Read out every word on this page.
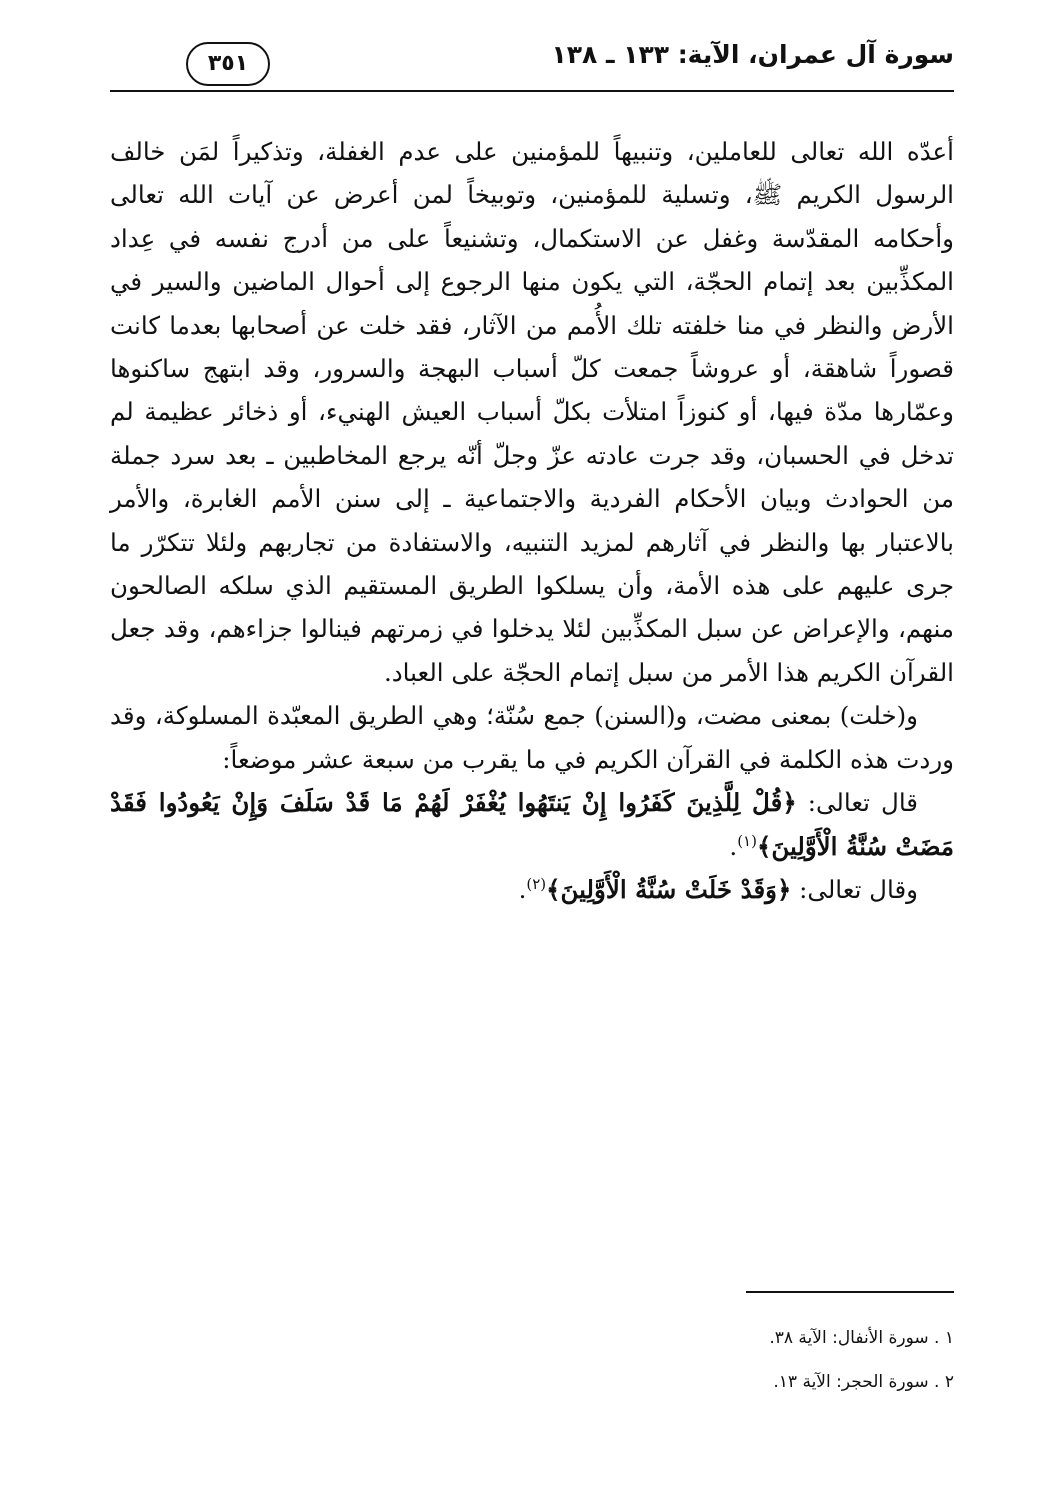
سورة آل عمران، الآية: ١٣٣ ـ ١٣٨
٣٥١

أعدّه الله تعالى للعاملين، وتنبيهاً للمؤمنين على عدم الغفلة، وتذكيراً لمَن خالف الرسول الكريم ﷺ، وتسلية للمؤمنين، وتوبيخاً لمن أعرض عن آيات الله تعالى وأحكامه المقدّسة وغفل عن الاستكمال، وتشنيعاً على من أدرج نفسه في عِداد المكذِّبين بعد إتمام الحجّة، التي يكون منها الرجوع إلى أحوال الماضين والسير في الأرض والنظر في منا خلفته تلك الأُمم من الآثار، فقد خلت عن أصحابها بعدما كانت قصوراً شاهقة، أو عروشاً جمعت كلّ أسباب البهجة والسرور، وقد ابتهج ساكنوها وعمّارها مدّة فيها، أو كنوزاً امتلأت بكلّ أسباب العيش الهنيء، أو ذخائر عظيمة لم تدخل في الحسبان، وقد جرت عادته عزّ وجلّ أنّه يرجع المخاطبين ـ بعد سرد جملة من الحوادث وبيان الأحكام الفردية والاجتماعية ـ إلى سنن الأمم الغابرة، والأمر بالاعتبار بها والنظر في آثارهم لمزيد التنبيه، والاستفادة من تجاربهم ولئلا تتكرّر ما جرى عليهم على هذه الأمة، وأن يسلكوا الطريق المستقيم الذي سلكه الصالحون منهم، والإعراض عن سبل المكذِّبين لئلا يدخلوا في زمرتهم فينالوا جزاءهم، وقد جعل القرآن الكريم هذا الأمر من سبل إتمام الحجّة على العباد.

و(خلت) بمعنى مضت، و(السنن) جمع سُنّة؛ وهي الطريق المعبّدة المسلوكة، وقد وردت هذه الكلمة في القرآن الكريم في ما يقرب من سبعة عشر موضعاً:

قال تعالى: ﴿قُلْ لِلَّذِينَ كَفَرُوا إِنْ يَنتَهُوا يُغْفَرْ لَهُمْ مَا قَدْ سَلَفَ وَإِنْ يَعُودُوا فَقَدْ مَضَتْ سُنَّةُ الْأَوَّلِينَ﴾$^{(١)}$.

وقال تعالى: ﴿وَقَدْ خَلَتْ سُنَّةُ الْأَوَّلِينَ﴾$^{(٢)}$.

١ . سورة الأنفال: الآية ٣٨.

٢ . سورة الحجر: الآية ١٣.
